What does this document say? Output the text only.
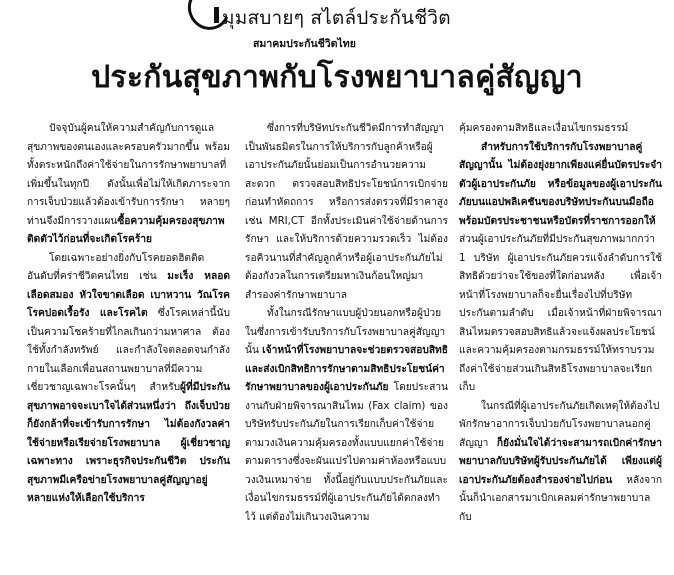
มุมสบายๆ สไตล์ประกันชีวิต
สมาคมประกันชีวิตไทย
ประกันสุขภาพกับโรงพยาบาลคู่สัญญา

ปัจจุบันผู้คนให้ความสำคัญกับการดูแลสุขภาพของตนเองและครอบครัวมากขึ้น พร้อมทั้งตระหนักถึงค่าใช้จ่ายในการรักษาพยาบาลที่เพิ่มขึ้นในทุกปี ดังนั้นเพื่อไม่ให้เกิดภาระจากการเจ็บป่วยแล้วต้องเข้ารับการรักษา หลายๆ ท่านจึงมีการวางแผนซื้อความคุ้มครองสุขภาพติดตัวไว้ก่อนที่จะเกิดโรคร้าย

โดยเฉพาะอย่างยิ่งกับโรคยอดฮิตติดอันดับที่คร่าชีวิตคนไทย เช่น มะเร็ง หลอดเลือดสมอง หัวใจขาดเลือด เบาหวาน วัณโรค โรคปอดเรื้อรัง และโรคไต ซึ่งโรคเหล่านี้นับเป็นความโชคร้ายที่ไกลเกินกว่ามหาศาล ต้องใช้ทั้งกำลังทรัพย์ และกำลังใจตลอดจนกำลังกายในเลือกเพื่อนสถานพยาบาลที่มีความเชี่ยวชาญเฉพาะโรคนั้นๆ สำหรับผู้ที่มีประกันสุขภาพอาจจะเบาใจได้ส่วนหนึ่งว่า ถึงเจ็บป่วยก็ยังกล้าที่จะเข้ารับการรักษา ไม่ต้องกังวลค่าใช้จ่ายหรือเรียจ่ายโรงพยาบาล ผู้เชี่ยวชาญเฉพาะทาง เพราะธุรกิจประกันชีวิต ประกันสุขภาพมีเครือข่ายโรงพยาบาลคู่สัญญาอยู่หลายแห่งให้เลือกใช้บริการ

ซึ่งการที่บริษัทประกันชีวิตมีการทำสัญญาเป็นพันธมิตรในการให้บริการกับลูกค้าหรือผู้เอาประกันภัยนั้นย่อมเป็นการอำนวยความสะดวก ตรวจสอบสิทธิประโยชน์การเบิกจ่ายก่อนทำหัตถการ หรือการส่งตรวจที่มีราคาสูง เช่น MRI,CT อีกทั้งประเมินค่าใช้จ่ายด้านการรักษา และให้บริการด้วยความรวดเร็ว ไม่ต้องรอคิวนานที่สำคัญลูกค้าหรือผู้เอาประกันภัยไม่ต้องกังวลในการเตรียมหาเงินก้อนใหญ่มาสำรองค่ารักษาพยาบาล

ทั้งในกรณีรักษาแบบผู้ป่วยนอกหรือผู้ป่วยในซึ่งการเข้ารับบริการกับโรงพยาบาลคู่สัญญานั้น เจ้าหน้าที่โรงพยาบาลจะช่วยตรวจสอบสิทธิและส่งเบิกสิทธิการรักษาตามสิทธิประโยชน์ค่ารักษาพยาบาลของผู้เอาประกันภัย โดยประสานงานกับฝ่ายพิจารณาสินไหม (Fax claim) ของบริษัทรับประกันภัยในการเรียกเก็บค่าใช้จ่ายตามวงเงินความคุ้มครองทั้งแบบแยกค่าใช้จ่ายตามตารางซึ่งจะผันแปรไปตามค่าห้องหรือแบบวงเงินเหมาจ่าย ทั้งนี้อยู่กับแบบประกันภัยและเงื่อนไขกรมธรรม์ที่ผู้เอาประกันภัยได้ตกลงทำไว้ แต่ต้องไม่เกินวงเงินความ

คุ้มครองตามสิทธิและเงื่อนไขกรมธรรม์

สำหรับการใช้บริการกับโรงพยาบาลคู่สัญญานั้น ไม่ต้องยุ่งยากเพียงแค่ยื่นบัตรประจำตัวผู้เอาประกันภัย หรือข้อมูลของผู้เอาประกันภัยบนแอปพลิเคชันของบริษัทประกันบนมือถือ พร้อมบัตรประชาชนหรือบัตรที่ราชการออกให้ ส่วนผู้เอาประกันภัยที่มีประกันสุขภาพมากกว่า 1 บริษัท ผู้เอาประกันภัยควรแจ้งลำดับการใช้สิทธิด้วยว่าจะใช้ของที่ใดก่อนหลัง เพื่อเจ้าหน้าที่โรงพยาบาลก็จะยื่นเรื่องไปที่บริษัทประกันตามลำดับ เมื่อเจ้าหน้าที่ฝ่ายพิจารณาสินไหมตรวจสอบสิทธิแล้วจะแจ้งผลประโยชน์และความคุ้มครองตามกรมธรรม์ให้ทราบรวมถึงค่าใช้จ่ายส่วนเกินสิทธิโรงพยาบาลจะเรียกเก็บ

ในกรณีที่ผู้เอาประกันภัยเกิดเหตุให้ต้องไปพักรักษาอาการเจ็บป่วยกับโรงพยาบาลนอกคู่สัญญา ก็ยังมั่นใจได้ว่าจะสามารถเบิกค่ารักษาพยาบาลกับบริษัทผู้รับประกันภัยได้ เพียงแต่ผู้เอาประกันภัยต้องสำรองจ่ายไปก่อน หลังจากนั้นก็นำเอกสารมาเบิกเคลมค่ารักษาพยาบาลกับ
